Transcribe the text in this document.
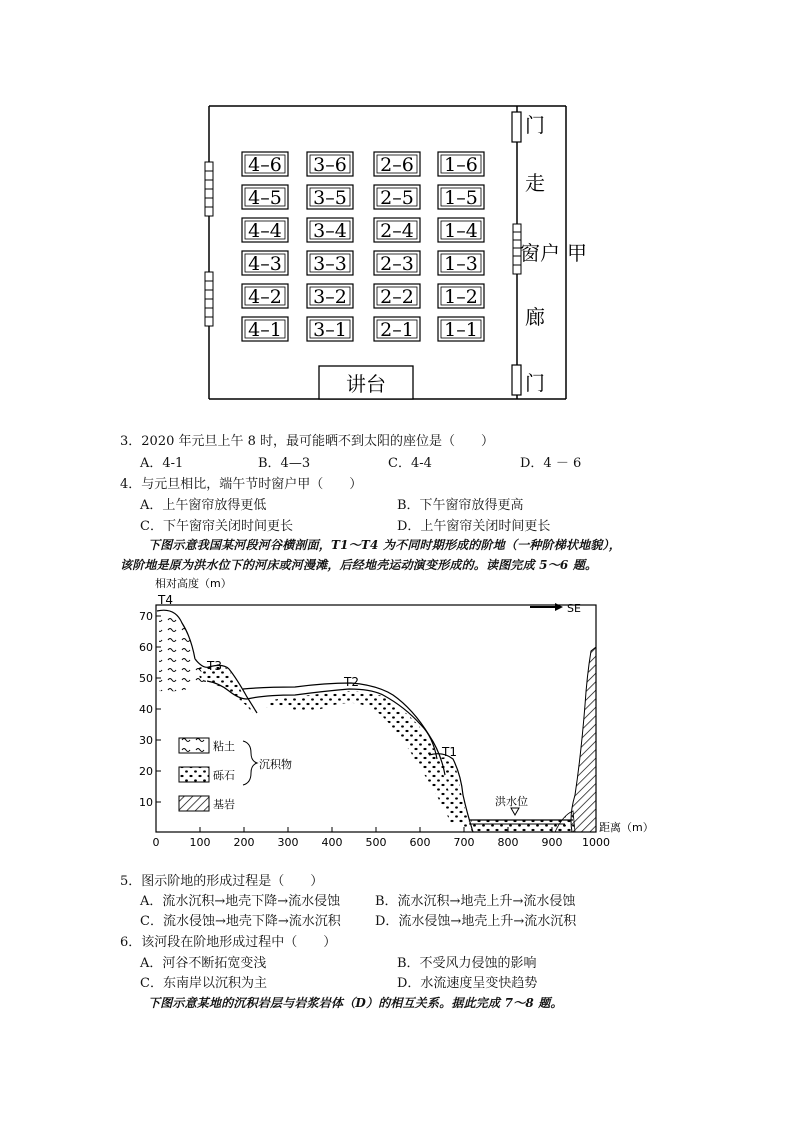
4–6 3–6 2–6 1–6
4–5 3–5 2–5 1–5
4–4 3–4 2–4 1–4
4–3 3–3 2–3 1–3
4–2 3–2 2–2 1–2
4–1 3–1 2–1 1–1
讲台
门
走
窗户 甲
廊
门
3．2020 年元旦上午 8 时，最可能晒不到太阳的座位是（　　）
A．4-1	B．4—3	C．4-4	D．4 － 6
4．与元旦相比，端午节时窗户甲（　　）
A．上午窗帘放得更低	B．下午窗帘放得更高
C．下午窗帘关闭时间更长	D．上午窗帘关闭时间更长
下图示意我国某河段河谷横剖面，T1～T4 为不同时期形成的阶地（一种阶梯状地貌），
该阶地是原为洪水位下的河床或河漫滩，后经地壳运动演变形成的。读图完成 5～6 题。
相对高度（m）
距离（m）
SE
70
60
50
40
30
20
10
0	100 200 300 400 500 600 700 800 900 1000
洪水位
T4
T3
T2
T1
粘土
砾石
沉积物
基岩
5．图示阶地的形成过程是（　　）
A．流水沉积→地壳下降→流水侵蚀	B．流水沉积→地壳上升→流水侵蚀
C．流水侵蚀→地壳下降→流水沉积	D．流水侵蚀→地壳上升→流水沉积
6．该河段在阶地形成过程中（　　）
A．河谷不断拓宽变浅	B．不受风力侵蚀的影响
C．东南岸以沉积为主	D．水流速度呈变快趋势
下图示意某地的沉积岩层与岩浆岩体（D）的相互关系。据此完成 7～8 题。
